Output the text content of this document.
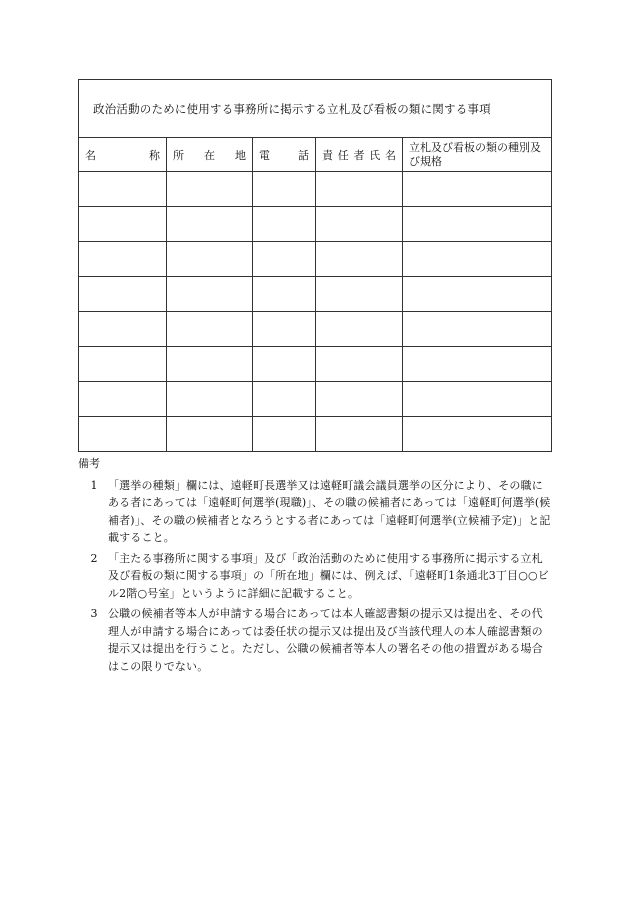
政治活動のために使用する事務所に掲示する立札及び看板の類に関する事項				

名 称	所 在 地	電 話	責 任 者 氏 名	立札及び看板の類の種別及び規格

備考
1 「選挙の種類」欄には、遠軽町長選挙又は遠軽町議会議員選挙の区分により、その職にある者にあっては「遠軽町何選挙(現職)」、その職の候補者にあっては「遠軽町何選挙(候補者)」、その職の候補者となろうとする者にあっては「遠軽町何選挙(立候補予定)」と記載すること。
2 「主たる事務所に関する事項」及び「政治活動のために使用する事務所に掲示する立札及び看板の類に関する事項」の「所在地」欄には、例えば、「遠軽町1条通北3丁目○○ビル2階○号室」というように詳細に記載すること。
3 公職の候補者等本人が申請する場合にあっては本人確認書類の提示又は提出を、その代理人が申請する場合にあっては委任状の提示又は提出及び当該代理人の本人確認書類の提示又は提出を行うこと。ただし、公職の候補者等本人の署名その他の措置がある場合はこの限りでない。
